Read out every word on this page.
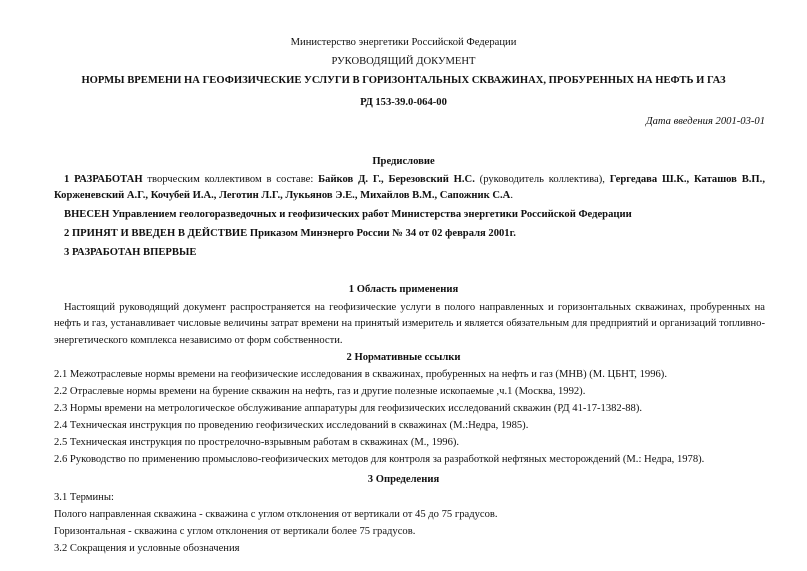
Министерство энергетики Российской Федерации
РУКОВОДЯЩИЙ ДОКУМЕНТ
НОРМЫ ВРЕМЕНИ НА ГЕОФИЗИЧЕСКИЕ УСЛУГИ В ГОРИЗОНТАЛЬНЫХ СКВАЖИНАХ, ПРОБУРЕННЫХ НА НЕФТЬ И ГАЗ
РД 153-39.0-064-00
Дата введения 2001-03-01
Предисловие
1 РАЗРАБОТАН творческим коллективом в составе: Байков Д. Г., Березовский Н.С. (руководитель коллектива), Гергедава Ш.К., Каташов В.П., Корженевский А.Г., Кочубей И.А., Леготин Л.Г., Лукьянов Э.Е., Михайлов В.М., Сапожник С.А.
ВНЕСЕН Управлением геологоразведочных и геофизических работ Министерства энергетики Российской Федерации
2 ПРИНЯТ И ВВЕДЕН В ДЕЙСТВИЕ Приказом Минэнерго России № 34 от 02 февраля 2001г.
3 РАЗРАБОТАН ВПЕРВЫЕ
1 Область применения
Настоящий руководящий документ распространяется на геофизические услуги в полого направленных и горизонтальных скважинах, пробуренных на нефть и газ, устанавливает числовые величины затрат времени на принятый измеритель и является обязательным для предприятий и организаций топливно-энергетического комплекса независимо от форм собственности.
2 Нормативные ссылки
2.1 Межотраслевые нормы времени на геофизические исследования в скважинах, пробуренных на нефть и газ (МНВ) (М. ЦБНТ, 1996).
2.2 Отраслевые нормы времени на бурение скважин на нефть, газ и другие полезные ископаемые ,ч.1 (Москва, 1992).
2.3 Нормы времени на метрологическое обслуживание аппаратуры для геофизических исследований скважин (РД 41-17-1382-88).
2.4 Техническая инструкция по проведению геофизических исследований в скважинах (М.:Недра, 1985).
2.5 Техническая инструкция по прострелочно-взрывным работам в скважинах (М., 1996).
2.6 Руководство по применению промыслово-геофизических методов для контроля за разработкой нефтяных месторождений (М.: Недра, 1978).
3 Определения
3.1 Термины:
Полого направленная скважина - скважина с углом отклонения от вертикали от 45 до 75 градусов.
Горизонтальная - скважина с углом отклонения от вертикали более 75 градусов.
3.2 Сокращения и условные обозначения
